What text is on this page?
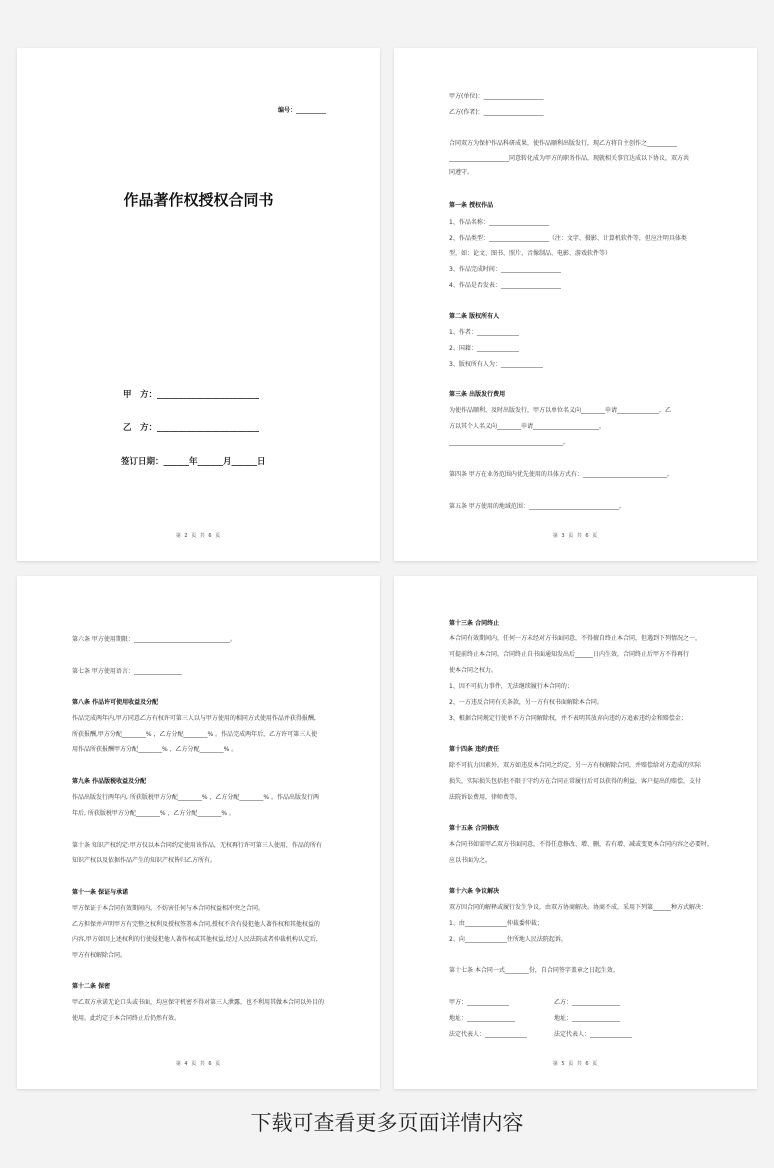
编号：__________
作品著作权授权合同书
甲　方：________________________
乙　方：________________________
签订日期：______年______月______日
第 2 页 共 6 页
甲方(单位)：____________________
乙方(作者)：____________________
合同双方为保护作品科研成果，使作品顺利出版发行，现乙方将自主创作之__________
____________________同意转化成为甲方的职务作品，现就相关事宜达成以下协议，双方共
同遵守。
第一条 授权作品
1、作品名称：____________________
2、作品类型：____________________（注：文字、摄影、计算机软件等，但应注明具体类
型，如：论文、图书、照片、音像制品、电影、游戏软件等）
3、作品完成时间：____________________
4、作品是否发表：____________________
第二条 版权所有人
1、作者：______________
2、国籍：______________
3、版权所有人为：______________
第三条 出版发行费用
为使作品顺利、及时出版发行，甲方以单位名义向________申请______________，乙
方以其个人名义向________申请______________________，
______________________________________。
第四条 甲方在业务范围内优先使用的具体方式有：____________________________。
第五条 甲方使用的地域范围：______________________________。
第 3 页 共 6 页
第六条 甲方使用期限：________________________________。
第七条 甲方使用语言：________________
第八条 作品许可使用收益及分配
作品完成两年内,甲方同意乙方有权许可第三人以与甲方使用的相同方式使用作品并获得报酬,
所获报酬,甲方分配________% ，乙方分配________% 。作品完成两年后，乙方许可第三人使
用作品所获报酬甲方分配________% ，乙方分配________% 。
第九条 作品版税收益及分配
作品出版发行两年内, 所获版税甲方分配________% ，乙方分配________% 。作品出版发行两
年后, 所获版税甲方分配________% ，乙方分配________% 。
第十条 知识产权约定:甲方仅以本合同约定使用该作品，无权再行许可第三人使用，作品的所有
知识产权以及依据作品产生的知识产权皆归乙方所有。
第十一条 保证与承诺
甲方保证于本合同有效期间内，不妨害任何与本合同权益相冲突之合同。
乙方担保并声明甲方有完整之权利及授权签署本合同,授权不含有侵犯他人著作权和其他权益的
内容,甲方如因上述权利的行使侵犯他人著作权或其他权益,经过人民法院或者仲裁机构认定后,
甲方有权解除合同。
第十二条 保密
甲乙双方承诺无论口头或书面，均应保守机密不得对第三人泄露，也不利用其做本合同以外目的
使用。此约定于本合同终止后仍然有效。
第 4 页 共 6 页
第十三条 合同终止
本合同有效期间内，任何一方未经对方书面同意，不得擅自终止本合同，但遇到下列情况之一，
可提前终止本合同，合同终止自书面通知发出后______日内生效，合同终止后甲方不得再行
使本合同之权力。
1、因不可抗力事件，无法继续履行本合同的；
2、一方违反合同有关条款，另一方有权书面解除本合同。
3、根据合同规定行使单不方合同解除权，并不表明其放弃向违约方追索违约金和赔偿金；
第十四条 违约责任
除不可抗力因素外，双方如违反本合同之约定，另一方有权解除合同，并赔偿给对方造成的实际
损失，实际损失包括但不限于守约方在合同正常履行后可以获得的利益，客户提出的赔偿，支付
法院诉讼费用，律师费等。
第十五条 合同修改
本合同书如需甲乙双方书面同意，不得任意修改、增、删，若有增、减或变更本合同内容之必要时，
应以书面为之。
第十六条 争议解决
双方因合同的解释或履行发生争议，由双方协商解决。协商不成，采用下列第______种方式解决：
1、由______________仲裁委仲裁；
2、向______________住所地人民法院起诉。
第十七条 本合同一式________份，自合同签字盖章之日起生效。
甲方：______________	乙方：________________
地址：________________	地址：________________
法定代表人：______________	法定代表人：______________
第 5 页 共 6 页
下载可查看更多页面详情内容
